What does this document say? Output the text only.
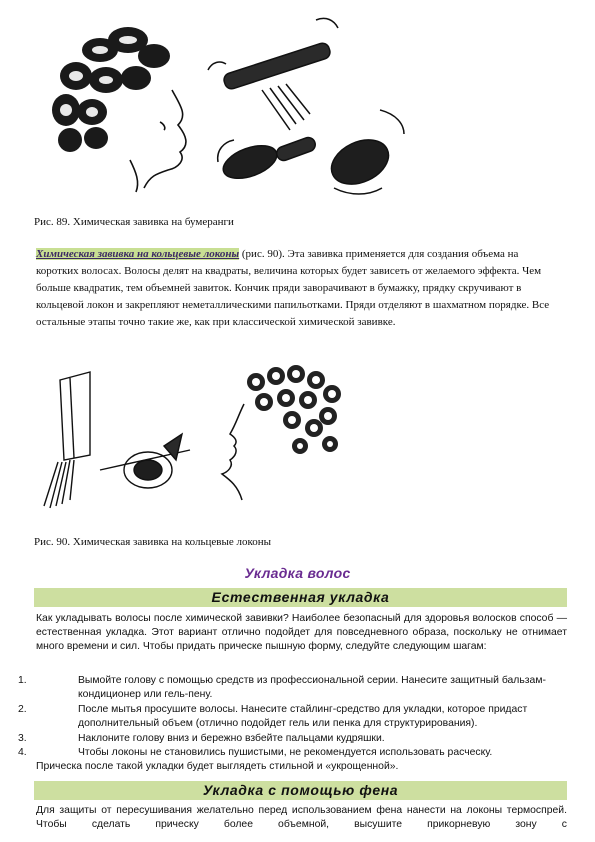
Рис. 89. Химическая завивка на бумеранги
Химическая завивка на кольцевые локоны (рис. 90). Эта завивка применяется для создания объема на коротких волосах. Волосы делят на квадраты, величина которых будет зависеть от желаемого эффекта. Чем больше квадратик, тем объемней завиток. Кончик пряди заворачивают в бумажку, прядку скручивают в кольцевой локон и закрепляют неметаллическими папильотками. Пряди отделяют в шахматном порядке. Все остальные этапы точно такие же, как при классической химической завивке.
Рис. 90. Химическая завивка на кольцевые локоны
Укладка волос
Естественная укладка
Как укладывать волосы после химической завивки? Наиболее безопасный для здоровья волосков способ — естественная укладка. Этот вариант отлично подойдет для повседневного образа, поскольку не отнимает много времени и сил. Чтобы придать прическе пышную форму, следуйте следующим шагам:
1.	Вымойте голову с помощью средств из профессиональной серии. Нанесите защитный бальзам-кондиционер или гель-пену.
2.	После мытья просушите волосы. Нанесите стайлинг-средство для укладки, которое придаст дополнительный объем (отлично подойдет гель или пенка для структурирования).
3.	Наклоните голову вниз и бережно взбейте пальцами кудряшки.
4.	Чтобы локоны не становились пушистыми, не рекомендуется использовать расческу.
Прическа после такой укладки будет выглядеть стильной и «укрощенной».
Укладка с помощью фена
Для защиты от пересушивания желательно перед использованием фена нанести на локоны термоспрей. Чтобы сделать прическу более объемной, высушите прикорневую зону с
